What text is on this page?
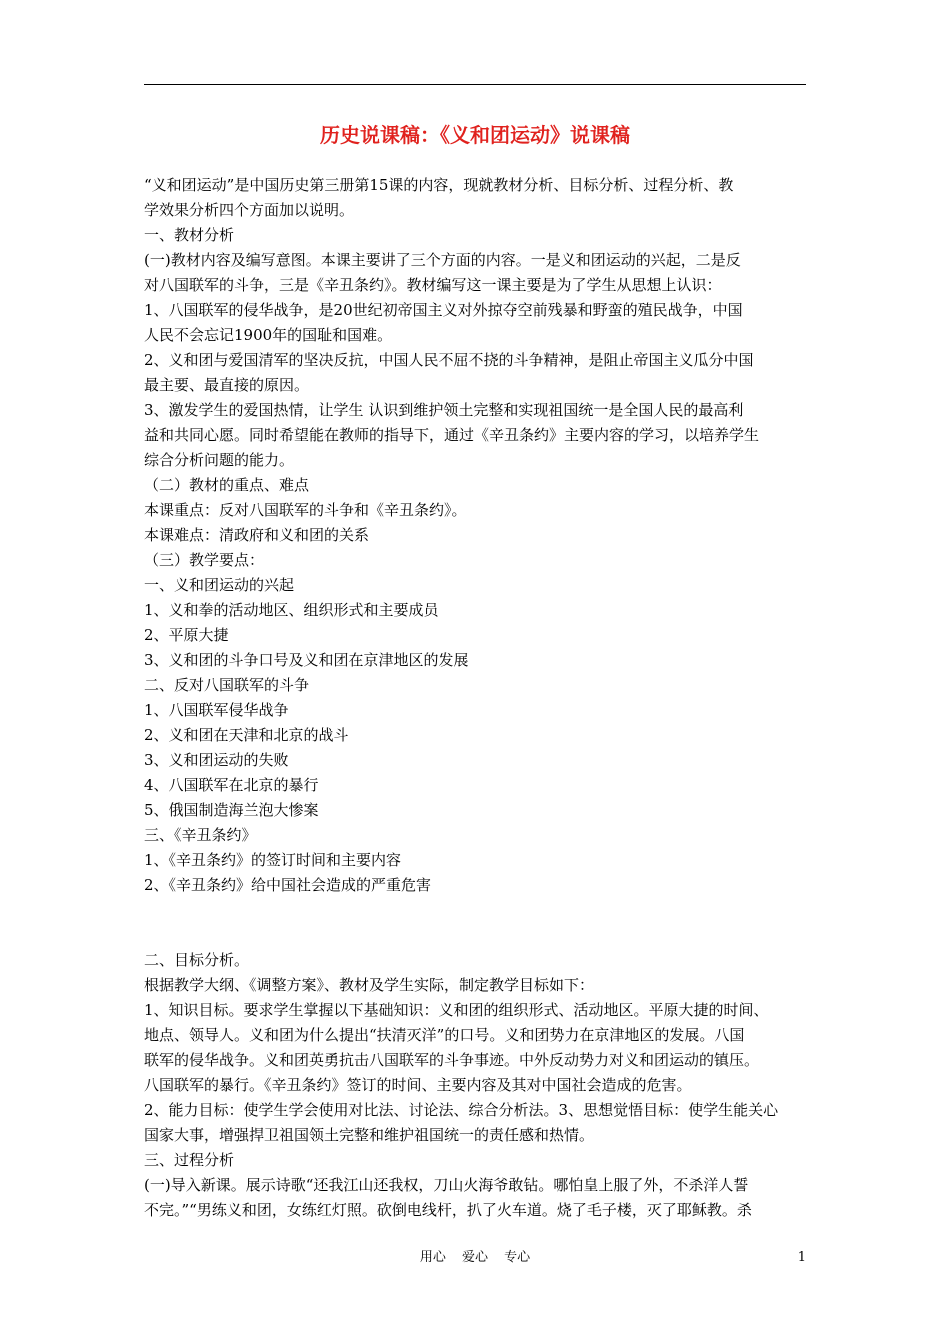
历史说课稿：《义和团运动》说课稿

“义和团运动”是中国历史第三册第15课的内容，现就教材分析、目标分析、过程分析、教

学效果分析四个方面加以说明。

一、教材分析

(一)教材内容及编写意图。本课主要讲了三个方面的内容。一是义和团运动的兴起，二是反

对八国联军的斗争，三是《辛丑条约》。教材编写这一课主要是为了学生从思想上认识：

1、八国联军的侵华战争，是20世纪初帝国主义对外掠夺空前残暴和野蛮的殖民战争，中国

人民不会忘记1900年的国耻和国难。

2、义和团与爱国清军的坚决反抗，中国人民不屈不挠的斗争精神，是阻止帝国主义瓜分中国

最主要、最直接的原因。

3、激发学生的爱国热情，让学生 认识到维护领土完整和实现祖国统一是全国人民的最高利

益和共同心愿。同时希望能在教师的指导下，通过《辛丑条约》主要内容的学习，以培养学生

综合分析问题的能力。

（二）教材的重点、难点

本课重点：反对八国联军的斗争和《辛丑条约》。

本课难点：清政府和义和团的关系

（三）教学要点：

一、义和团运动的兴起

1、义和拳的活动地区、组织形式和主要成员

2、平原大捷

3、义和团的斗争口号及义和团在京津地区的发展

二、反对八国联军的斗争

1、八国联军侵华战争

2、义和团在天津和北京的战斗

3、义和团运动的失败

4、八国联军在北京的暴行

5、俄国制造海兰泡大惨案

三、《辛丑条约》

1、《辛丑条约》的签订时间和主要内容

2、《辛丑条约》给中国社会造成的严重危害

二、目标分析。

根据教学大纲、《调整方案》、教材及学生实际，制定教学目标如下：

1、知识目标。要求学生掌握以下基础知识：义和团的组织形式、活动地区。平原大捷的时间、

地点、领导人。义和团为什么提出“扶清灭洋”的口号。义和团势力在京津地区的发展。八国

联军的侵华战争。义和团英勇抗击八国联军的斗争事迹。中外反动势力对义和团运动的镇压。

八国联军的暴行。《辛丑条约》签订的时间、主要内容及其对中国社会造成的危害。

2、能力目标：使学生学会使用对比法、讨论法、综合分析法。3、思想觉悟目标：使学生能关心

国家大事，增强捍卫祖国领土完整和维护祖国统一的责任感和热情。

三、过程分析

(一)导入新课。展示诗歌“还我江山还我权，刀山火海爷敢钻。哪怕皇上服了外，不杀洋人誓

不完。”“男练义和团，女练红灯照。砍倒电线杆，扒了火车道。烧了毛子楼，灭了耶稣教。杀

用心 爱心 专心	1
